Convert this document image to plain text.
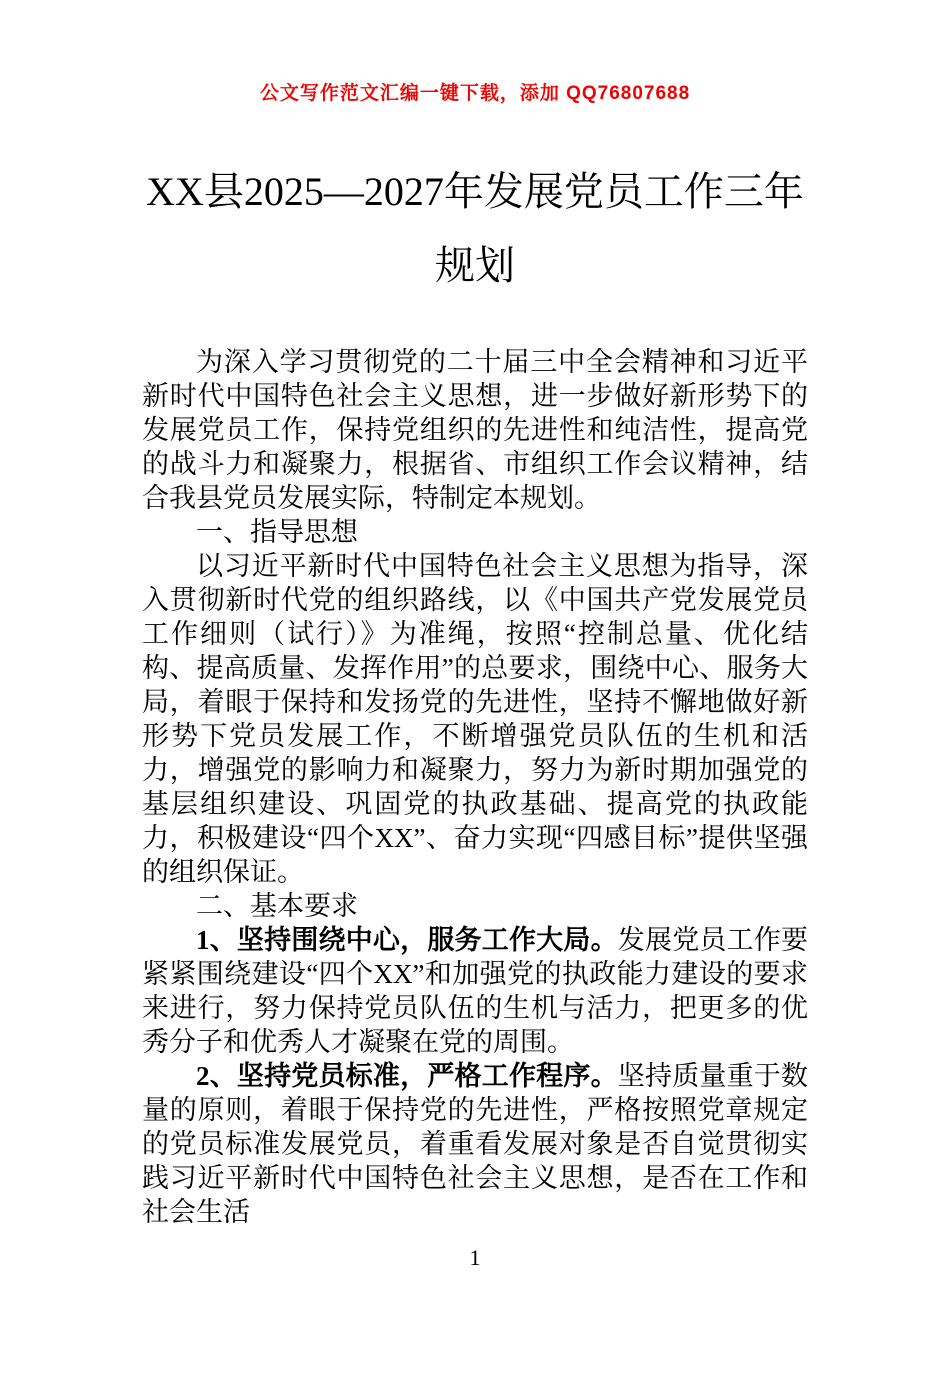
公文写作范文汇编一键下载，添加 QQ76807688
XX县2025—2027年发展党员工作三年规划

为深入学习贯彻党的二十届三中全会精神和习近平新时代中国特色社会主义思想，进一步做好新形势下的发展党员工作，保持党组织的先进性和纯洁性，提高党的战斗力和凝聚力，根据省、市组织工作会议精神，结合我县党员发展实际，特制定本规划。

一、指导思想

以习近平新时代中国特色社会主义思想为指导，深入贯彻新时代党的组织路线，以《中国共产党发展党员工作细则（试行）》为准绳，按照“控制总量、优化结构、提高质量、发挥作用”的总要求，围绕中心、服务大局，着眼于保持和发扬党的先进性，坚持不懈地做好新形势下党员发展工作，不断增强党员队伍的生机和活力，增强党的影响力和凝聚力，努力为新时期加强党的基层组织建设、巩固党的执政基础、提高党的执政能力，积极建设“四个XX”、奋力实现“四感目标”提供坚强的组织保证。

二、基本要求

1、坚持围绕中心，服务工作大局。发展党员工作要紧紧围绕建设“四个XX”和加强党的执政能力建设的要求来进行，努力保持党员队伍的生机与活力，把更多的优秀分子和优秀人才凝聚在党的周围。

2、坚持党员标准，严格工作程序。坚持质量重于数量的原则，着眼于保持党的先进性，严格按照党章规定的党员标准发展党员，着重看发展对象是否自觉贯彻实践习近平新时代中国特色社会主义思想，是否在工作和社会生活

1
